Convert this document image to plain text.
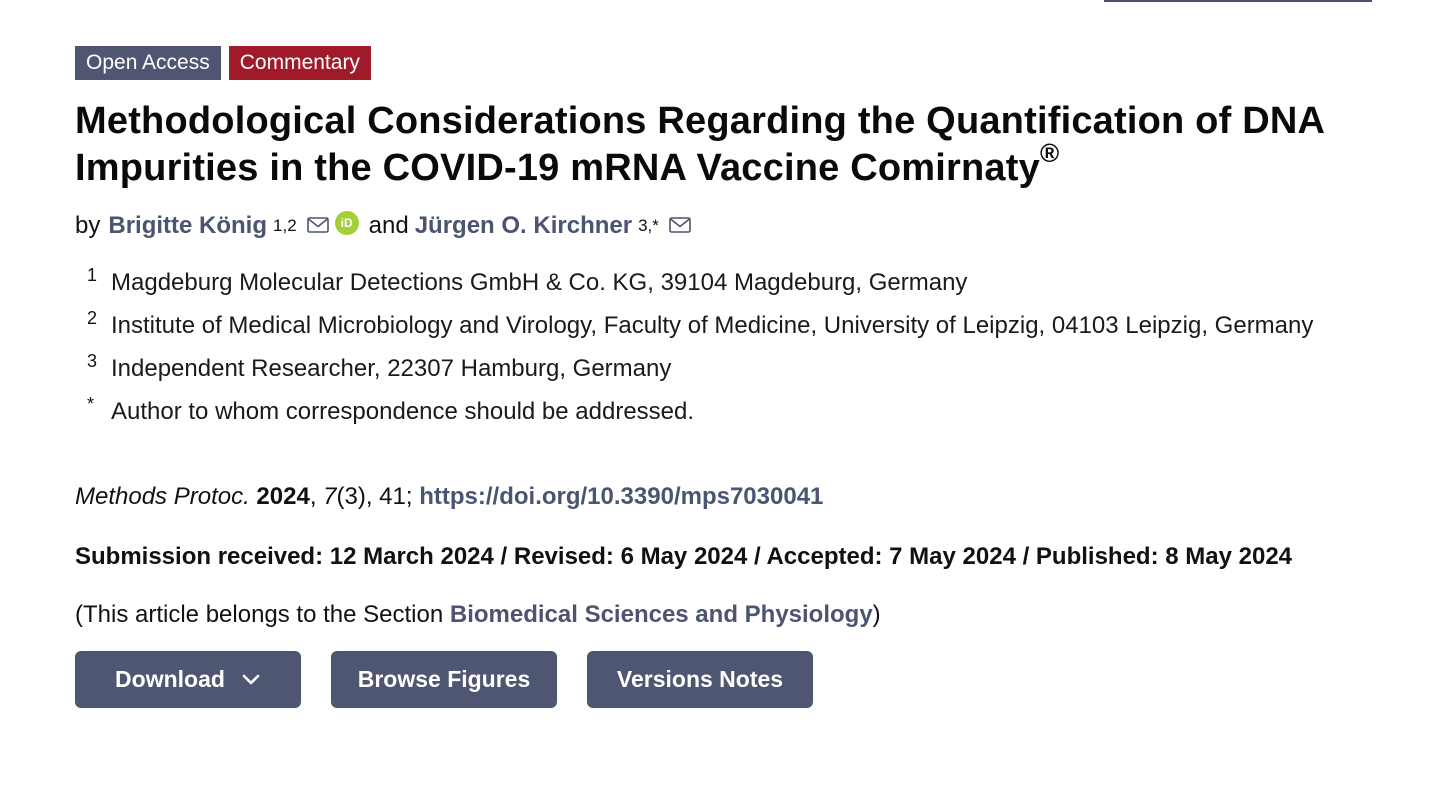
Open Access	Commentary
Methodological Considerations Regarding the Quantification of DNA Impurities in the COVID-19 mRNA Vaccine Comirnaty®
by Brigitte König $^{1,2}$	iD and Jürgen O. Kirchner $^{3,*}$
1 Magdeburg Molecular Detections GmbH & Co. KG, 39104 Magdeburg, Germany
2 Institute of Medical Microbiology and Virology, Faculty of Medicine, University of Leipzig, 04103 Leipzig, Germany
3 Independent Researcher, 22307 Hamburg, Germany
* Author to whom correspondence should be addressed.
Methods Protoc. 2024, 7(3), 41; https://doi.org/10.3390/mps7030041
Submission received: 12 March 2024 / Revised: 6 May 2024 / Accepted: 7 May 2024 / Published: 8 May 2024
(This article belongs to the Section Biomedical Sciences and Physiology)
Download	Browse Figures	Versions Notes
